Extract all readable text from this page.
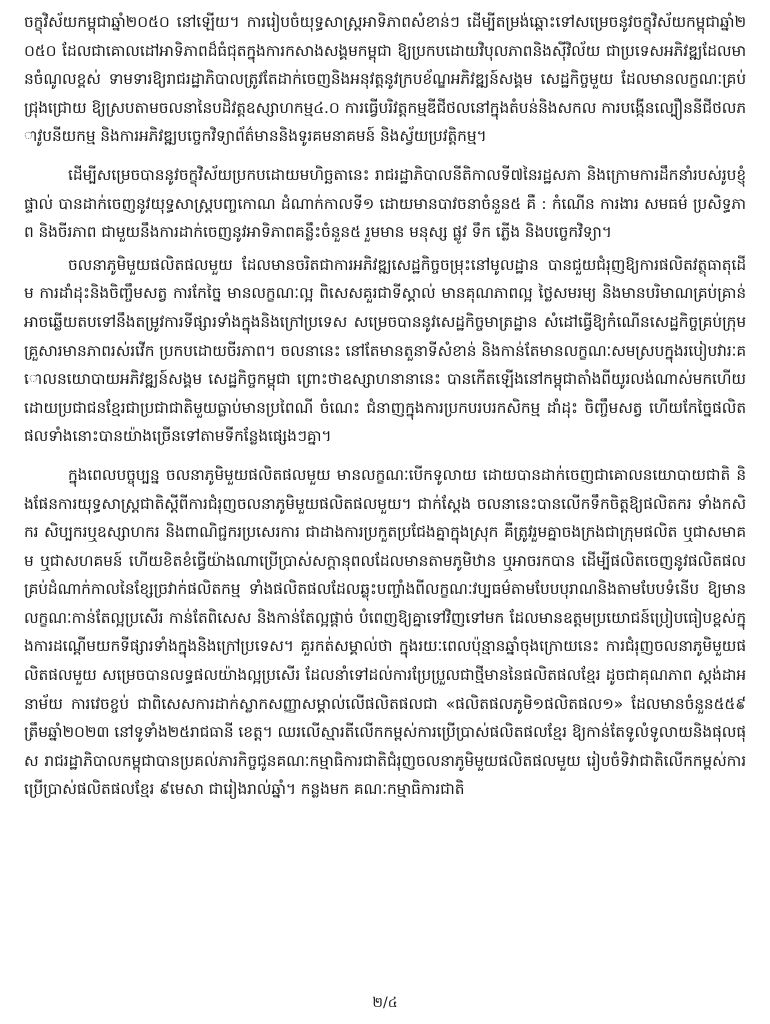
ចក្ខុវិស័យកម្ពុជាឆ្នាំ២០៥០ នៅឡើយ។ ការរៀបចំយុទ្ធសាស្ត្រអាទិភាពសំខាន់ៗ ដើម្បីតម្រង់ឆ្ពោះទៅសម្រេចនូវចក្ខុវិស័យកម្ពុជាឆ្នាំ២០៥០ ដែលជាគោលដៅអាទិភាពដ៏ធំជុតក្នុងការកសាងសង្គមកម្ពុជា ឱ្យប្រកបដោយវិបុលភាពនិងស៊ីវិល័យ ជាប្រទេសអភិវឌ្ឍដែលមានចំណូលខ្ពស់ ទាមទារឱ្យរាជរដ្ឋាភិបាលត្រូវតែដាក់ចេញនិងអនុវត្តនូវក្របខ័ណ្ឌអភិវឌ្ឍន៍សង្គម សេដ្ឋកិច្ចមួយ ដែលមានលក្ខណៈគ្រប់ជ្រុងជ្រោយ ឱ្យស្របតាមចលនានៃបដិវត្តឧស្សាហកម្ម៤.០ ការធ្វើបរិវត្តកម្មឌីជីថលនៅក្នុងតំបន់និងសកល ការបង្កើនល្បឿននីជីថលភាវូបនីយកម្ម និងការអភិវឌ្ឍបច្ចេកវិទ្យាព័ត៌មាននិងទូរគមនាគមន៍ និងស្វ័យប្រវត្តិកម្ម។

ដើម្បីសម្រេចបាននូវចក្ខុវិស័យប្រកបដោយមហិច្ឆតានេះ រាជរដ្ឋាភិបាលនីតិកាលទី៧នៃរដ្ឋសភា និងក្រោមការដឹកនាំរបស់រូបខ្ញុំផ្ទាល់ បានដាក់ចេញនូវយុទ្ធសាស្ត្របញ្ចកោណ ដំណាក់កាលទី១ ដោយមានបាវចនាចំនួន៥ គឺ : កំណើន ការងារ សមធម៌ ប្រសិទ្ធភាព និងចីរភាព ជាមួយនឹងការដាក់ចេញនូវអាទិភាពគន្លឹះចំនួន៥ រួមមាន មនុស្ស ផ្លូវ ទឹក ភ្លើង និងបច្ចេកវិទ្យា។

ចលនាភូមិមួយផលិតផលមួយ ដែលមានចរិតជាការអភិវឌ្ឍសេដ្ឋកិច្ចចម្រុះនៅមូលដ្ឋាន បានជួយជំរុញឱ្យការផលិតវត្ថុធាតុដើម ការដាំដុះនិងចិញ្ចឹមសត្វ ការកែច្នៃ មានលក្ខណៈល្អ ពិសេសគួរជាទីស្គាល់ មានគុណភាពល្អ ថ្លៃសមរម្យ និងមានបរិមាណគ្រប់គ្រាន់ អាចឆ្លើយតបទៅនឹងតម្រូវការទីផ្សារទាំងក្នុងនិងក្រៅប្រទេស សម្រេចបាននូវសេដ្ឋកិច្ចមាត្រដ្ឋាន សំដៅធ្វើឱ្យកំណើនសេដ្ឋកិច្ចគ្រប់ក្រុមគ្រួសារមានភាពរស់រវើក ប្រកបដោយចីរភាព។ ចលនានេះ នៅតែមានតួនាទីសំខាន់ និងកាន់តែមានលក្ខណៈសមស្របក្នុងរបៀបវារៈគោលនយោបាយអភិវឌ្ឍន៍សង្គម សេដ្ឋកិច្ចកម្ពុជា ព្រោះថាឧស្សាហនានានេះ បានកើតឡើងនៅកម្ពុជាតាំងពីយូរលង់ណាស់មកហើយ ដោយប្រជាជនខ្មែរជាប្រជាជាតិមួយធ្លាប់មានប្រពៃណី ចំណេះ ជំនាញក្នុងការប្រកបរបរកសិកម្ម ដាំដុះ ចិញ្ចឹមសត្វ ហើយកែច្នៃផលិតផលទាំងនោះបានយ៉ាងច្រើនទៅតាមទីកន្លែងផ្សេងៗគ្នា។

ក្នុងពេលបច្ចុប្បន្ន ចលនាភូមិមួយផលិតផលមួយ មានលក្ខណៈបើកទូលាយ ដោយបានដាក់ចេញជាគោលនយោបាយជាតិ និងផែនការយុទ្ធសាស្ត្រជាតិស្តីពីការជំរុញចលនាភូមិមួយផលិតផលមួយ។ ជាក់ស្តែង ចលនានេះបានលើកទឹកចិត្តឱ្យផលិតករ ទាំងកសិករ សិប្បករឬឧស្សាហករ និងពាណិជ្ជករប្រសេរការ ជាដាងការប្រកួតប្រជែងគ្នាក្នុងស្រុក គឺត្រូវរួមគ្នាចងក្រងជាក្រុមផលិត ឬជាសមាគម ឬជាសហគមន៍ ហើយខិតខំធ្វើយ៉ាងណាប្រើប្រាស់សក្តានុពលដែលមានតាមភូមិឋាន ឬអាចរកបាន ដើម្បីផលិតចេញនូវផលិតផលគ្រប់ដំណាក់កាលនៃខ្សែច្រវាក់ផលិតកម្ម ទាំងផលិតផលដែលឆ្លុះបញ្ចាំងពីលក្ខណៈវប្បធម៌តាមបែបបុរាណនិងតាមបែបទំនើប ឱ្យមានលក្ខណៈកាន់តែល្អប្រសើរ កាន់តែពិសេស និងកាន់តែល្អផ្តាច់ បំពេញឱ្យគ្នាទៅវិញទៅមក ដែលមានឧត្តមប្រយោជន៍ប្រៀបធៀបខ្ពស់ក្នុងការដណ្តើមយកទីផ្សារទាំងក្នុងនិងក្រៅប្រទេស។ គួរកត់សម្គាល់ថា ក្នុងរយៈពេលប៉ុន្មានឆ្នាំចុងក្រោយនេះ ការជំរុញចលនាភូមិមួយផលិតផលមួយ សម្រេចបានលទ្ធផលយ៉ាងល្អប្រសើរ ដែលនាំទៅដល់ការប្រែប្រួលជាថ្មីមាននៃផលិតផលខ្មែរ ដូចជាគុណភាព ស្តង់ដាអនាម័យ ការវេចខ្ចប់ ជាពិសេសការដាក់ស្លាកសញ្ញាសម្គាល់លើផលិតផលជា «ផលិតផលភូមិ១ផលិតផល១» ដែលមានចំនួន៥៥៩ ត្រឹមឆ្នាំ២០២៣ នៅទូទាំង២៥រាជធានី ខេត្ត។ ឈរលើស្មារតីលើកកម្ពស់ការប្រើប្រាស់ផលិតផលខ្មែរ ឱ្យកាន់តែទូលំទូលាយនិងផុលផុស រាជរដ្ឋាភិបាលកម្ពុជាបានប្រគល់ភារកិច្ចជូនគណៈកម្មាធិការជាតិជំរុញចលនាភូមិមួយផលិតផលមួយ រៀបចំទិវាជាតិលើកកម្ពស់ការប្រើប្រាស់ផលិតផលខ្មែរ ៩មេសា ជារៀងរាល់ឆ្នាំ។ កន្លងមក គណៈកម្មាធិការជាតិ

២/៤
